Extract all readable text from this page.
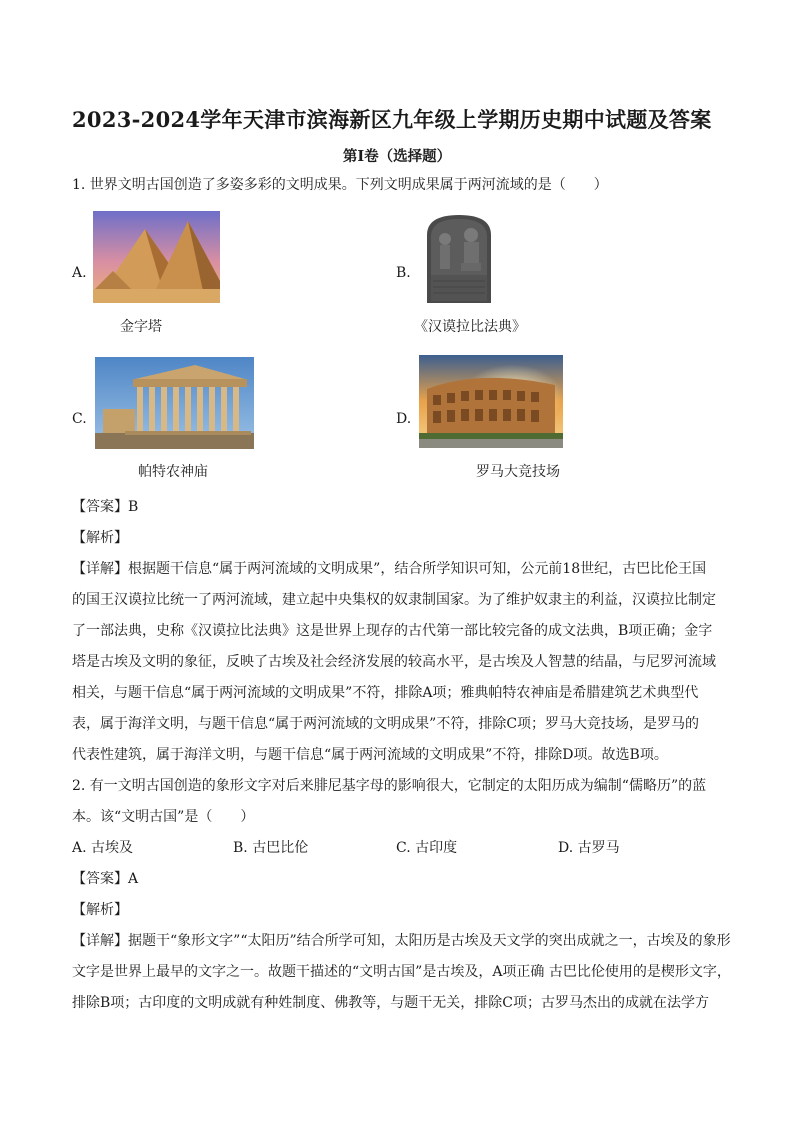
2023-2024学年天津市滨海新区九年级上学期历史期中试题及答案
第Ⅰ卷（选择题）
1. 世界文明古国创造了多姿多彩的文明成果。下列文明成果属于两河流域的是（　　）
A.
金字塔
B.
《汉谟拉比法典》
C.
帕特农神庙
D.
罗马大竞技场
【答案】B
【解析】
【详解】根据题干信息“属于两河流域的文明成果”，结合所学知识可知，公元前18世纪，古巴比伦王国
的国王汉谟拉比统一了两河流域，建立起中央集权的奴隶制国家。为了维护奴隶主的利益，汉谟拉比制定
了一部法典，史称《汉谟拉比法典》这是世界上现存的古代第一部比较完备的成文法典，B项正确；金字
塔是古埃及文明的象征，反映了古埃及社会经济发展的较高水平，是古埃及人智慧的结晶，与尼罗河流域
相关，与题干信息“属于两河流域的文明成果”不符，排除A项；雅典帕特农神庙是希腊建筑艺术典型代
表，属于海洋文明，与题干信息“属于两河流域的文明成果”不符，排除C项；罗马大竞技场，是罗马的
代表性建筑，属于海洋文明，与题干信息“属于两河流域的文明成果”不符，排除D项。故选B项。
2. 有一文明古国创造的象形文字对后来腓尼基字母的影响很大，它制定的太阳历成为编制“儒略历”的蓝
本。该“文明古国”是（　　）
A. 古埃及	B. 古巴比伦	C. 古印度	D. 古罗马
【答案】A
【解析】
【详解】据题干“象形文字”“太阳历”结合所学可知，太阳历是古埃及天文学的突出成就之一，古埃及的象形
文字是世界上最早的文字之一。故题干描述的“文明古国”是古埃及，A项正确 古巴比伦使用的是楔形文字，
排除B项；古印度的文明成就有种姓制度、佛教等，与题干无关，排除C项；古罗马杰出的成就在法学方
